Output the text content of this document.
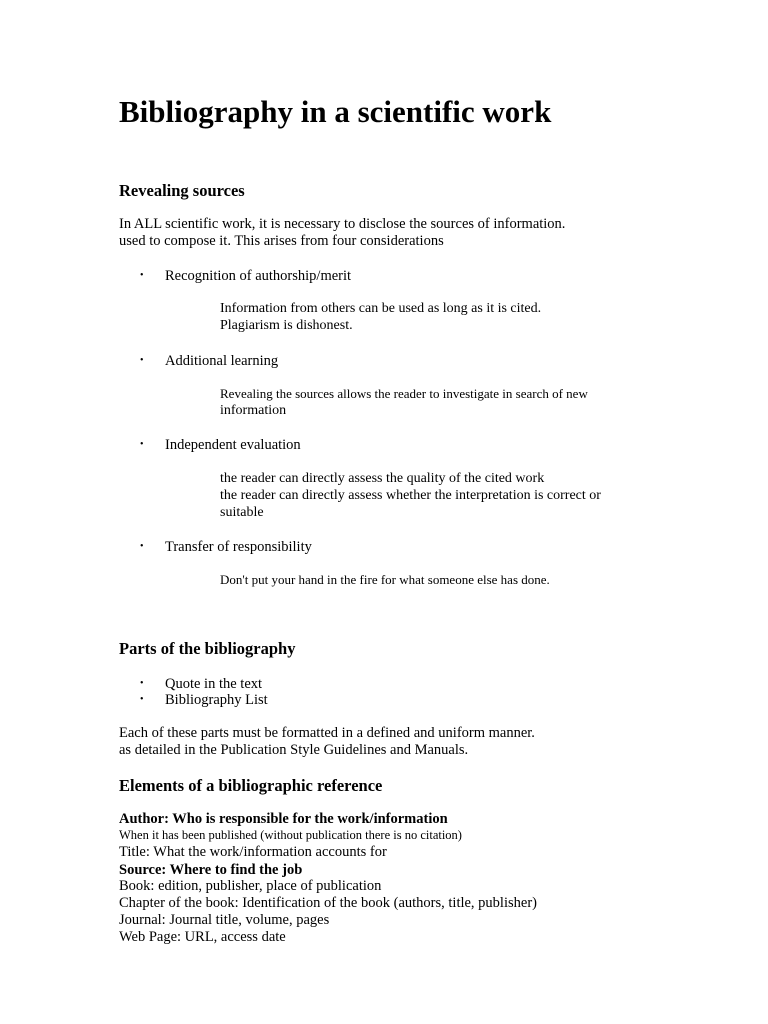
Bibliography in a scientific work
Revealing sources
In ALL scientific work, it is necessary to disclose the sources of information.
used to compose it. This arises from four considerations
• Recognition of authorship/merit
Information from others can be used as long as it is cited.
Plagiarism is dishonest.
• Additional learning
Revealing the sources allows the reader to investigate in search of new
information
• Independent evaluation
the reader can directly assess the quality of the cited work
the reader can directly assess whether the interpretation is correct or
suitable
• Transfer of responsibility
Don't put your hand in the fire for what someone else has done.
Parts of the bibliography
• Quote in the text
• Bibliography List
Each of these parts must be formatted in a defined and uniform manner.
as detailed in the Publication Style Guidelines and Manuals.
Elements of a bibliographic reference
Author: Who is responsible for the work/information
When it has been published (without publication there is no citation)
Title: What the work/information accounts for
Source: Where to find the job
Book: edition, publisher, place of publication
Chapter of the book: Identification of the book (authors, title, publisher)
Journal: Journal title, volume, pages
Web Page: URL, access date
